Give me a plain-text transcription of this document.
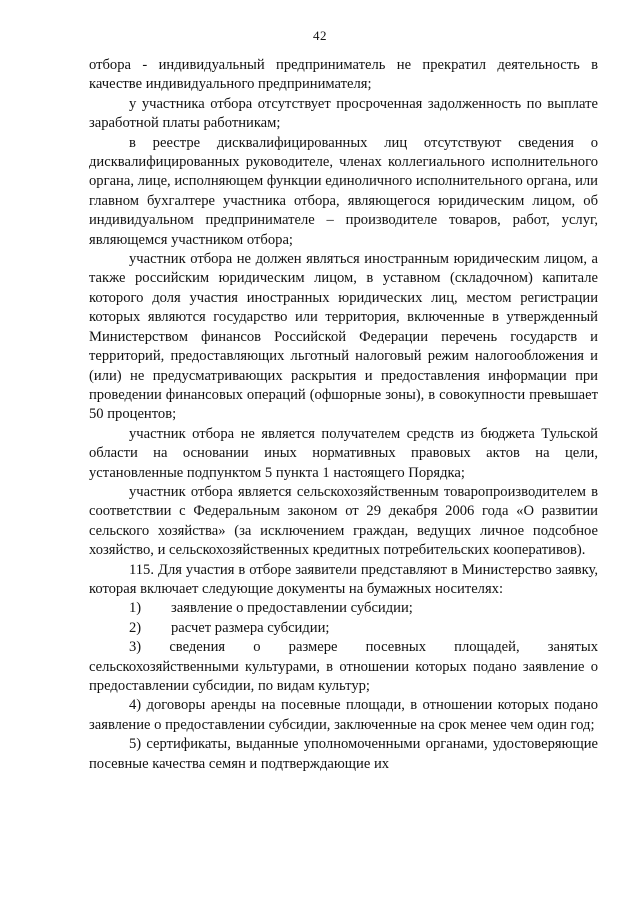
42

отбора - индивидуальный предприниматель не прекратил деятельность в качестве индивидуального предпринимателя;

у участника отбора отсутствует просроченная задолженность по выплате заработной платы работникам;

в реестре дисквалифицированных лиц отсутствуют сведения о дисквалифицированных руководителе, членах коллегиального исполнительного органа, лице, исполняющем функции единоличного исполнительного органа, или главном бухгалтере участника отбора, являющегося юридическим лицом, об индивидуальном предпринимателе – производителе товаров, работ, услуг, являющемся участником отбора;

участник отбора не должен являться иностранным юридическим лицом, а также российским юридическим лицом, в уставном (складочном) капитале которого доля участия иностранных юридических лиц, местом регистрации которых являются государство или территория, включенные в утвержденный Министерством финансов Российской Федерации перечень государств и территорий, предоставляющих льготный налоговый режим налогообложения и (или) не предусматривающих раскрытия и предоставления информации при проведении финансовых операций (офшорные зоны), в совокупности превышает 50 процентов;

участник отбора не является получателем средств из бюджета Тульской области на основании иных нормативных правовых актов на цели, установленные подпунктом 5 пункта 1 настоящего Порядка;

участник отбора является сельскохозяйственным товаропроизводителем в соответствии с Федеральным законом от 29 декабря 2006 года «О развитии сельского хозяйства» (за исключением граждан, ведущих личное подсобное хозяйство, и сельскохозяйственных кредитных потребительских кооперативов).

115. Для участия в отборе заявители представляют в Министерство заявку, которая включает следующие документы на бумажных носителях:

1)	заявление о предоставлении субсидии;
2)	расчет размера субсидии;

3) сведения о размере посевных площадей, занятых сельскохозяйственными культурами, в отношении которых подано заявление о предоставлении субсидии, по видам культур;

4) договоры аренды на посевные площади, в отношении которых подано заявление о предоставлении субсидии, заключенные на срок менее чем один год;

5) сертификаты, выданные уполномоченными органами, удостоверяющие посевные качества семян и подтверждающие их
